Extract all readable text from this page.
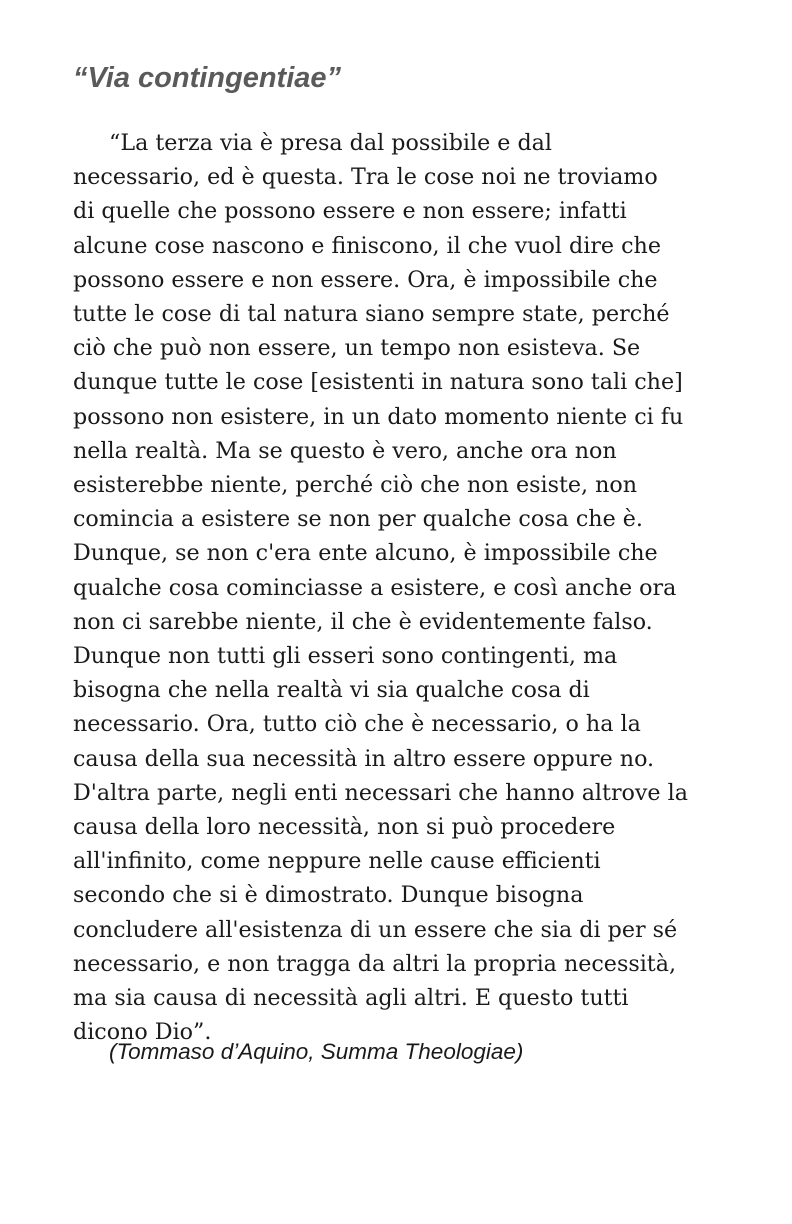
“Via contingentiae”
“La terza via è presa dal possibile e dal
necessario, ed è questa. Tra le cose noi ne troviamo
di quelle che possono essere e non essere; infatti
alcune cose nascono e finiscono, il che vuol dire che
possono essere e non essere. Ora, è impossibile che
tutte le cose di tal natura siano sempre state, perché
ciò che può non essere, un tempo non esisteva. Se
dunque tutte le cose [esistenti in natura sono tali che]
possono non esistere, in un dato momento niente ci fu
nella realtà. Ma se questo è vero, anche ora non
esisterebbe niente, perché ciò che non esiste, non
comincia a esistere se non per qualche cosa che è.
Dunque, se non c'era ente alcuno, è impossibile che
qualche cosa cominciasse a esistere, e così anche ora
non ci sarebbe niente, il che è evidentemente falso.
Dunque non tutti gli esseri sono contingenti, ma
bisogna che nella realtà vi sia qualche cosa di
necessario. Ora, tutto ciò che è necessario, o ha la
causa della sua necessità in altro essere oppure no.
D'altra parte, negli enti necessari che hanno altrove la
causa della loro necessità, non si può procedere
all'infinito, come neppure nelle cause efficienti
secondo che si è dimostrato. Dunque bisogna
concludere all'esistenza di un essere che sia di per sé
necessario, e non tragga da altri la propria necessità,
ma sia causa di necessità agli altri. E questo tutti
dicono Dio”.
(Tommaso d’Aquino, Summa Theologiae)
